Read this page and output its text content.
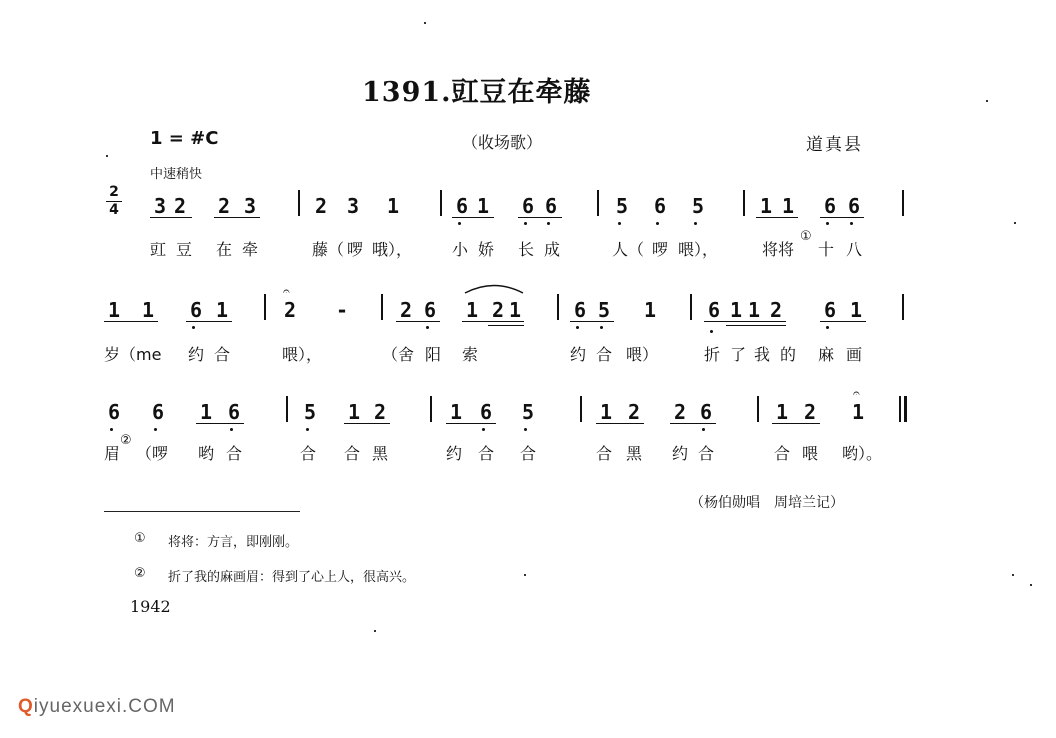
1391.豇豆在牵藤
1 = #C	（收场歌）	道真县
中速稍快
2
4 3 2 2 3	2 3 1	6 1 6 6	5 6 5	1 1 6 6
豇 豆 在 牵	藤（ 啰 哦）， 小 娇 长 成	人（ 啰 喂），	将将
①
十 八
1 1 6 1
𝄐
2 -	2 6 1 2 1	6 5 1	6 1 1 2 6 1
岁（me 约 合	喂），	（舍 阳 索	约 合 喂）	折 了 我 的 麻 画
6 6 1 6	5 1 2	1 6 5	1 2 2 6	1 2
𝄐
1
眉
②
（啰 哟 合	合 合 黑	约 合 合	合 黑 约 合	合 喂 哟）。
（杨伯勋唱　周培兰记）
① 将将：方言，即刚刚。
② 折了我的麻画眉：得到了心上人，很高兴。
1942
Qiyuexuexi.COM
